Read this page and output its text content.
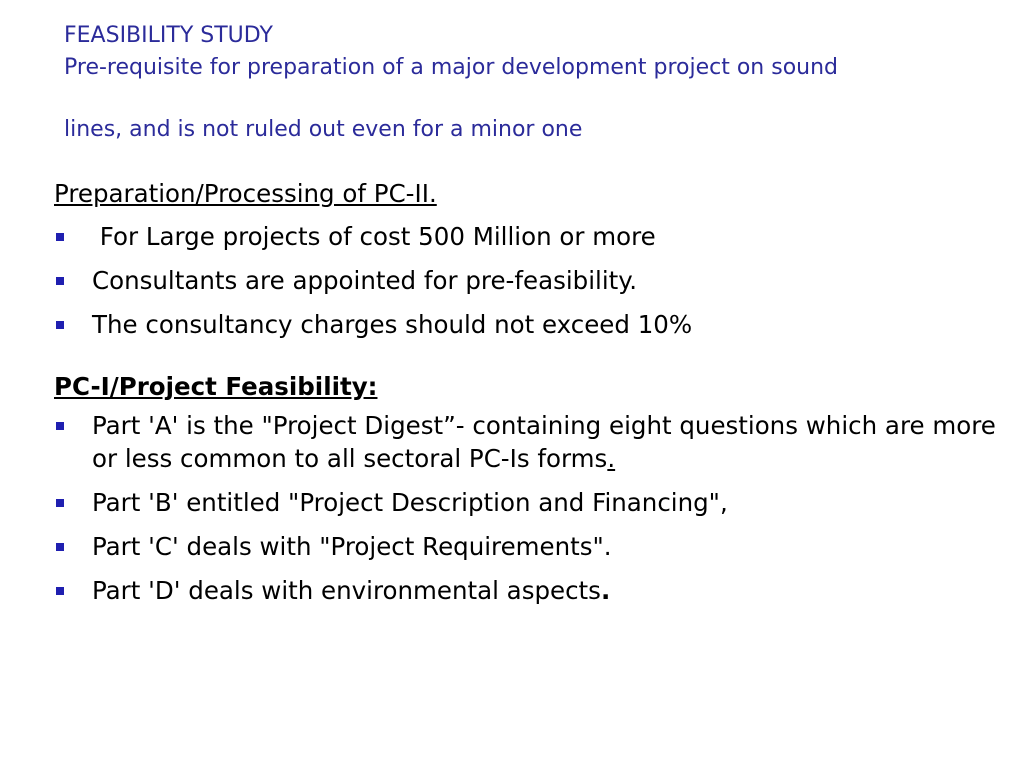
FEASIBILITY STUDY
Pre-requisite for preparation of a major development project on sound
lines, and is not ruled out even for a minor one

Preparation/Processing of PC-II.

For Large projects of cost 500 Million or more
Consultants are appointed for pre-feasibility.
The consultancy charges should not exceed 10%

PC-I/Project Feasibility:

Part 'A' is the "Project Digest”- containing eight questions which are more or less common to all sectoral PC-Is forms.
Part 'B' entitled "Project Description and Financing",
Part 'C' deals with "Project Requirements".
Part 'D' deals with environmental aspects.
